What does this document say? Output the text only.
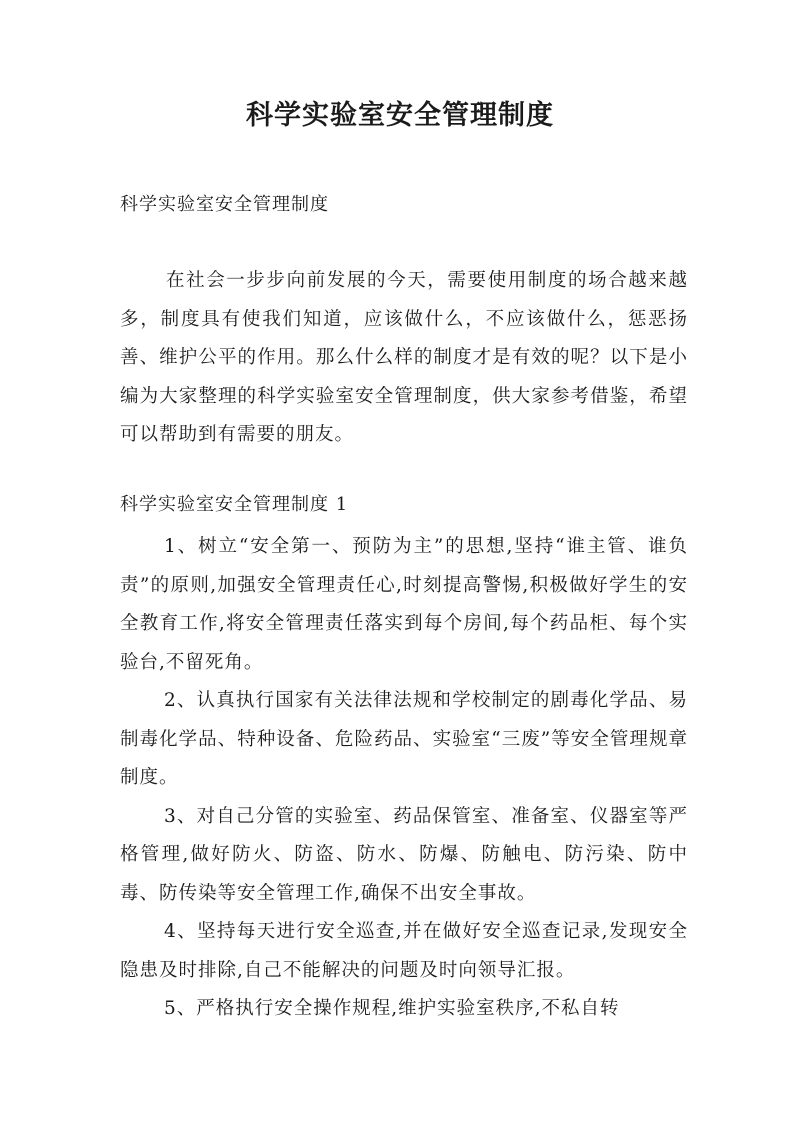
科学实验室安全管理制度

科学实验室安全管理制度

在社会一步步向前发展的今天，需要使用制度的场合越来越多，制度具有使我们知道，应该做什么，不应该做什么，惩恶扬善、维护公平的作用。那么什么样的制度才是有效的呢？以下是小编为大家整理的科学实验室安全管理制度，供大家参考借鉴，希望可以帮助到有需要的朋友。

科学实验室安全管理制度 1

1、树立“安全第一、预防为主”的思想,坚持“谁主管、谁负责”的原则,加强安全管理责任心,时刻提高警惕,积极做好学生的安全教育工作,将安全管理责任落实到每个房间,每个药品柜、每个实验台,不留死角。

2、认真执行国家有关法律法规和学校制定的剧毒化学品、易制毒化学品、特种设备、危险药品、实验室“三废”等安全管理规章制度。

3、对自己分管的实验室、药品保管室、准备室、仪器室等严格管理,做好防火、防盗、防水、防爆、防触电、防污染、防中毒、防传染等安全管理工作,确保不出安全事故。

4、坚持每天进行安全巡查,并在做好安全巡查记录,发现安全隐患及时排除,自己不能解决的问题及时向领导汇报。

5、严格执行安全操作规程,维护实验室秩序,不私自转
